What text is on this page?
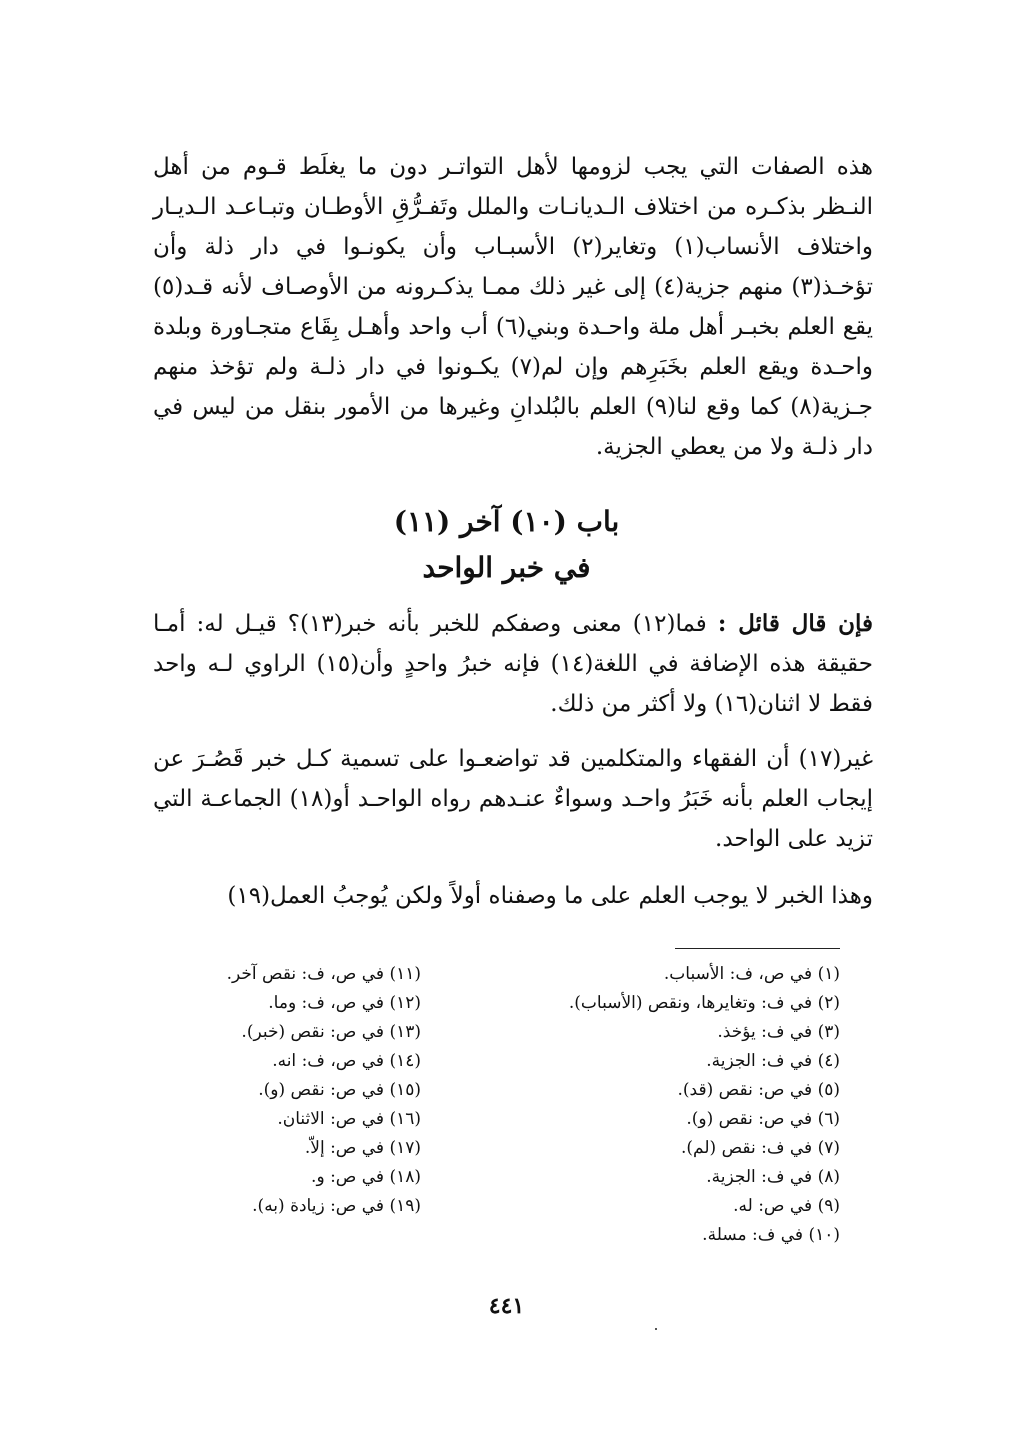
هذه الصفات التي يجب لزومها لأهل التواتـر دون ما يغلَط قـوم من أهل النـظر بذكـره من اختلاف الـديانـات والملل وتَفـرُّقِ الأوطـان وتبـاعـد الـديـار واختلاف الأنساب(١) وتغاير(٢) الأسبـاب وأن يكونـوا في دار ذلة وأن تؤخـذ(٣) منهم جزية(٤) إلى غير ذلك ممـا يذكـرونه من الأوصـاف لأنه قـد(٥) يقع العلم بخبـر أهل ملة واحـدة وبني(٦) أب واحد وأهـل بِقَاع متجـاورة وبلدة واحـدة ويقع العلم بخَبَرِهم وإن لم(٧) يكـونوا في دار ذلـة ولم تؤخذ منهم جـزية(٨) كما وقع لنا(٩) العلم بالبُلدانِ وغيرها من الأمور بنقل من ليس في دار ذلـة ولا من يعطي الجزية.
باب (١٠) آخر (١١)
في خبر الواحد
فإن قال قائل : فما(١٢) معنى وصفكم للخبر بأنه خبر(١٣)؟ قيـل له: أمـا حقيقة هذه الإضافة في اللغة(١٤) فإنه خبرُ واحدٍ وأن(١٥) الراوي لـه واحد فقط لا اثنان(١٦) ولا أكثر من ذلك.
غير(١٧) أن الفقهاء والمتكلمين قد تواضعـوا على تسمية كـل خبر قَصُـرَ عن إيجاب العلم بأنه خَبَرُ واحـد وسواءٌ عنـدهم رواه الواحـد أو(١٨) الجماعـة التي تزيد على الواحد.
وهذا الخبر لا يوجب العلم على ما وصفناه أولاً ولكن يُوجبُ العمل(١٩)
(١) في ص، ف: الأسباب.
(٢) في ف: وتغايرها، ونقص (الأسباب).
(٣) في ف: يؤخذ.
(٤) في ف: الجزية.
(٥) في ص: نقص (قد).
(٦) في ص: نقص (و).
(٧) في ف: نقص (لم).
(٨) في ف: الجزية.
(٩) في ص: له.
(١٠) في ف: مسلة.
(١١) في ص، ف: نقص آخر.
(١٢) في ص، ف: وما.
(١٣) في ص: نقص (خبر).
(١٤) في ص، ف: انه.
(١٥) في ص: نقص (و).
(١٦) في ص: الاثنان.
(١٧) في ص: إلاّ.
(١٨) في ص: و.
(١٩) في ص: زيادة (به).
٤٤١
